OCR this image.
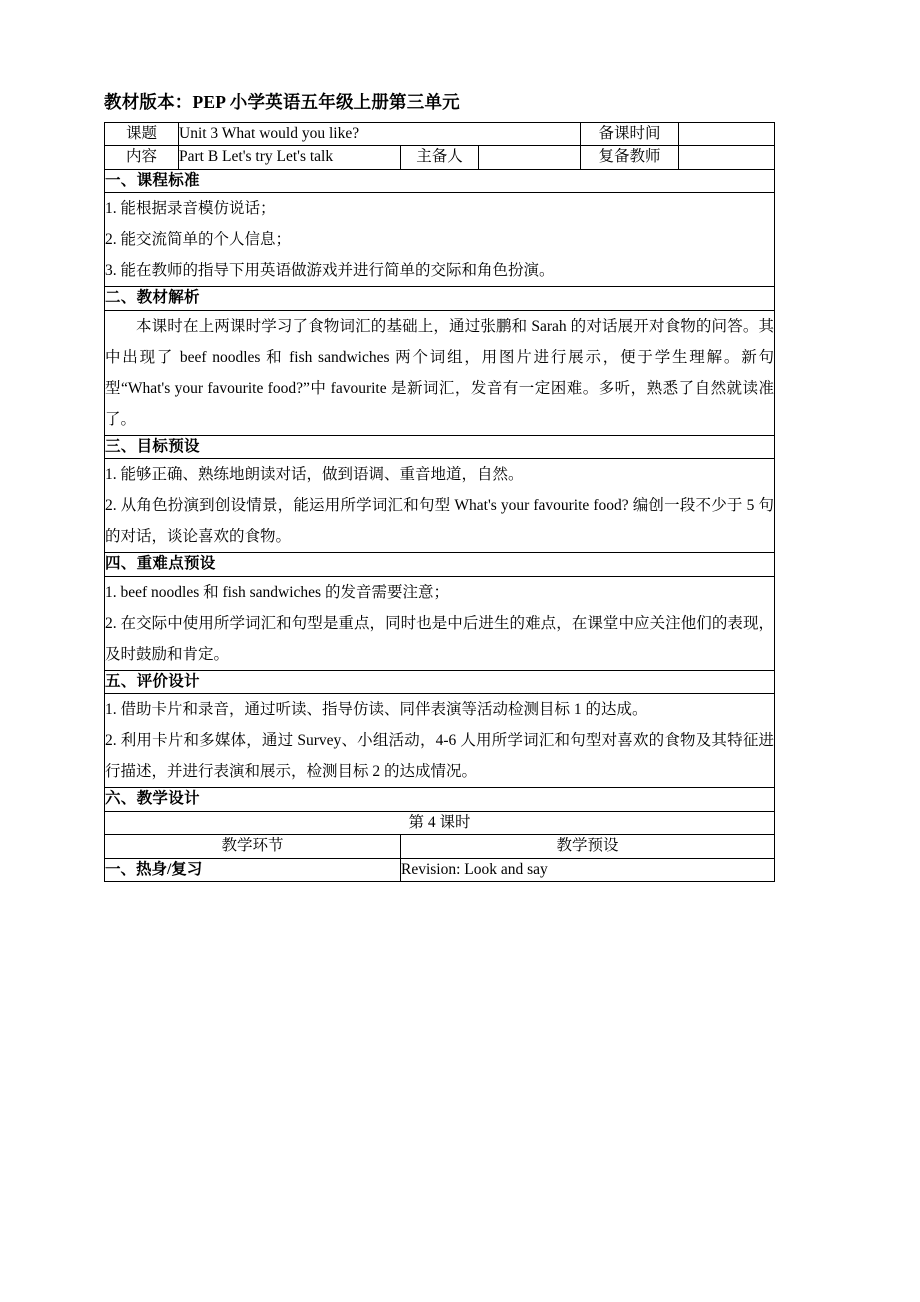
教材版本：PEP 小学英语五年级上册第三单元
课题	Unit 3 What would you like?			备课时间	
内容	Part B Let's try Let's talk	主备人		复备教师	
一、课程标准					

1. 能根据录音模仿说话；

2. 能交流简单的个人信息；

3. 能在教师的指导下用英语做游戏并进行简单的交际和角色扮演。					

二、教材解析					

本课时在上两课时学习了食物词汇的基础上，通过张鹏和 Sarah 的对话展开对食物的问答。其中出现了 beef noodles 和 fish sandwiches 两个词组，用图片进行展示，便于学生理解。新句型“What's your favourite food?”中 favourite 是新词汇，发音有一定困难。多听，熟悉了自然就读准了。					

三、目标预设					

1. 能够正确、熟练地朗读对话，做到语调、重音地道，自然。

2. 从角色扮演到创设情景，能运用所学词汇和句型 What's your favourite food? 编创一段不少于 5 句的对话，谈论喜欢的食物。					

四、重难点预设					

1. beef noodles 和 fish sandwiches 的发音需要注意；

2. 在交际中使用所学词汇和句型是重点，同时也是中后进生的难点，在课堂中应关注他们的表现，及时鼓励和肯定。					

五、评价设计					

1. 借助卡片和录音，通过听读、指导仿读、同伴表演等活动检测目标 1 的达成。

2. 利用卡片和多媒体，通过 Survey、小组活动，4-6 人用所学词汇和句型对喜欢的食物及其特征进行描述，并进行表演和展示，检测目标 2 的达成情况。					

六、教学设计					
第 4 课时					
教学环节		教学预设			
一、热身/复习		Revision: Look and say			
